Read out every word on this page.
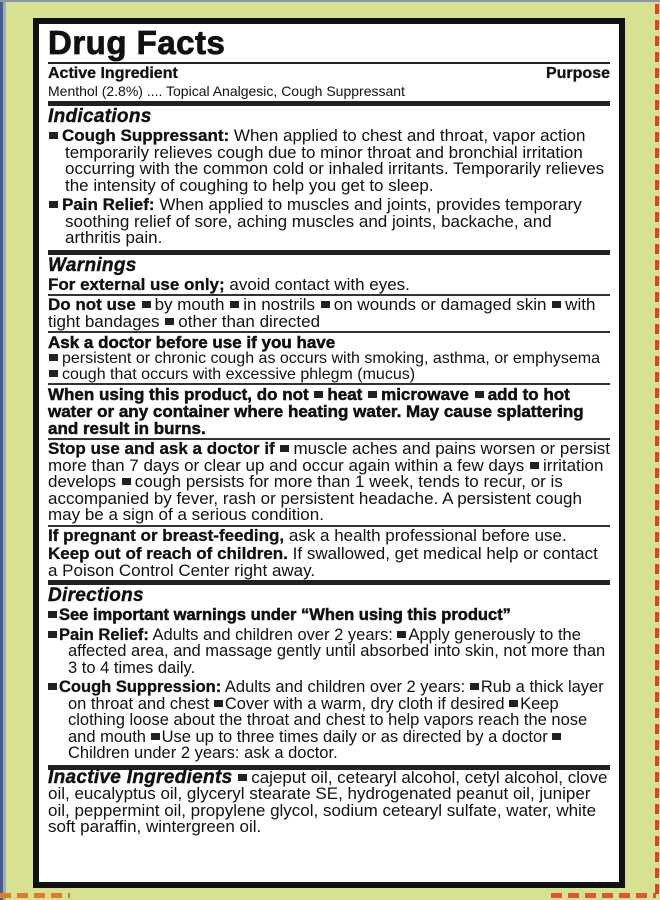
Drug Facts
Active Ingredient	Purpose
Menthol (2.8%) .... Topical Analgesic, Cough Suppressant
Indications
Cough Suppressant: When applied to chest and throat, vapor action temporarily relieves cough due to minor throat and bronchial irritation occurring with the common cold or inhaled irritants. Temporarily relieves the intensity of coughing to help you get to sleep.
Pain Relief: When applied to muscles and joints, provides temporary soothing relief of sore, aching muscles and joints, backache, and arthritis pain.
Warnings
For external use only; avoid contact with eyes.
Do not use by mouth in nostrils on wounds or damaged skin with tight bandages other than directed
Ask a doctor before use if you have
persistent or chronic cough as occurs with smoking, asthma, or emphysema cough that occurs with excessive phlegm (mucus)
When using this product, do not heat microwave add to hot water or any container where heating water. May cause splattering and result in burns.
Stop use and ask a doctor if muscle aches and pains worsen or persist more than 7 days or clear up and occur again within a few days irritation develops cough persists for more than 1 week, tends to recur, or is accompanied by fever, rash or persistent headache. A persistent cough may be a sign of a serious condition.
If pregnant or breast-feeding, ask a health professional before use.
Keep out of reach of children. If swallowed, get medical help or contact a Poison Control Center right away.
Directions
See important warnings under “When using this product”
Pain Relief: Adults and children over 2 years: Apply generously to the affected area, and massage gently until absorbed into skin, not more than 3 to 4 times daily.
Cough Suppression: Adults and children over 2 years: Rub a thick layer on throat and chest Cover with a warm, dry cloth if desired Keep clothing loose about the throat and chest to help vapors reach the nose and mouth Use up to three times daily or as directed by a doctor Children under 2 years: ask a doctor.
Inactive Ingredients cajeput oil, cetearyl alcohol, cetyl alcohol, clove oil, eucalyptus oil, glyceryl stearate SE, hydrogenated peanut oil, juniper oil, peppermint oil, propylene glycol, sodium cetearyl sulfate, water, white soft paraffin, wintergreen oil.
